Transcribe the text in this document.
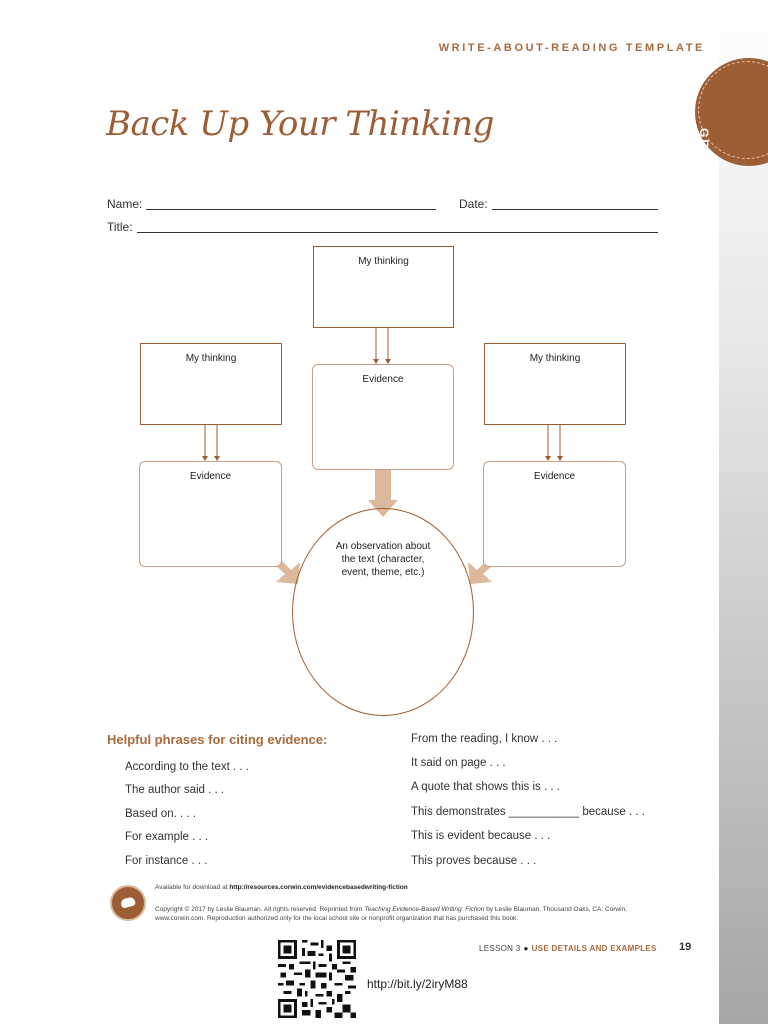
WRITE-ABOUT-READING TEMPLATE
GRAB & GO
Back Up Your Thinking
Name:	Date:
Title:
My thinking
Evidence
My thinking
Evidence
My thinking
Evidence
An observation about the text (character, event, theme, etc.)
Helpful phrases for citing evidence:
According to the text . . .
The author said . . .
Based on. . . .
For example . . .
For instance . . .
From the reading, I know . . .
It said on page . . .
A quote that shows this is . . .
This demonstrates ___________ because . . .
This is evident because . . .
This proves because . . .
Available for download at http://resources.corwin.com/evidencebasedwriting-fiction
Copyright © 2017 by Leslie Blauman. All rights reserved. Reprinted from Teaching Evidence-Based Writing: Fiction by Leslie Blauman. Thousand Oaks, CA: Corwin, www.corwin.com. Reproduction authorized only for the local school site or nonprofit organization that has purchased this book.
LESSON 3 ● USE DETAILS AND EXAMPLES 19
http://bit.ly/2iryM88
